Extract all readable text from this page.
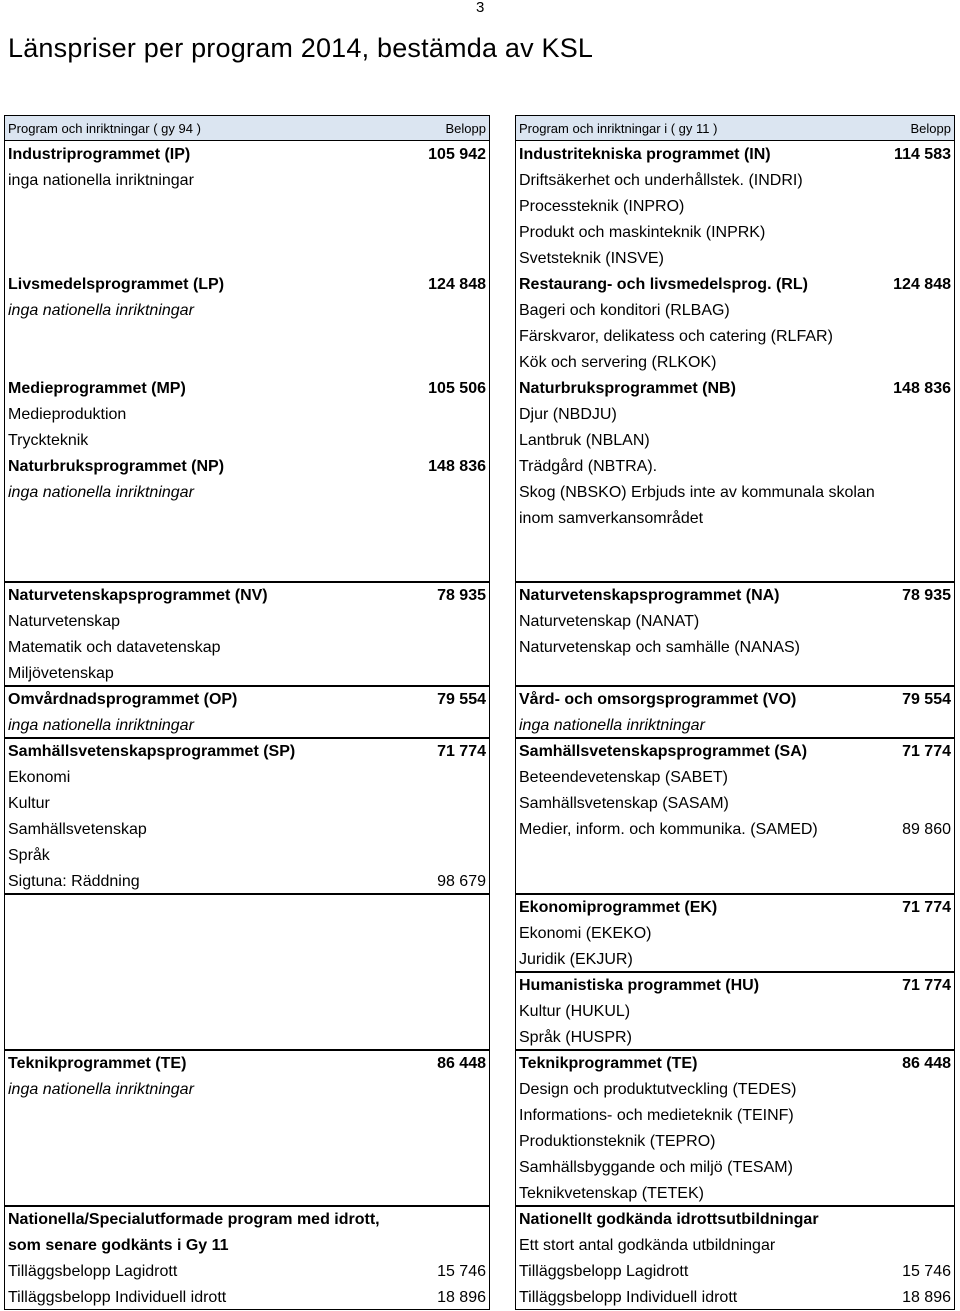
3
Länspriser per program 2014, bestämda av KSL
Program och inriktningar ( gy 94 )	Belopp
Industriprogrammet (IP)	105 942
inga nationella inriktningar
Livsmedelsprogrammet (LP)	124 848
inga nationella inriktningar
Medieprogrammet (MP)	105 506
Medieproduktion
Tryckteknik
Naturbruksprogrammet (NP)	148 836
inga nationella inriktningar
Naturvetenskapsprogrammet (NV)	78 935
Naturvetenskap
Matematik och datavetenskap
Miljövetenskap
Omvårdnadsprogrammet (OP)	79 554
inga nationella inriktningar
Samhällsvetenskapsprogrammet (SP)	71 774
Ekonomi
Kultur
Samhällsvetenskap
Språk
Sigtuna: Räddning	98 679
Teknikprogrammet (TE)	86 448
inga nationella inriktningar
Nationella/Specialutformade program med idrott,
som senare godkänts i Gy 11
Tilläggsbelopp Lagidrott	15 746
Tilläggsbelopp Individuell idrott	18 896
Program och inriktningar i ( gy 11 )	Belopp
Industritekniska programmet (IN)	114 583
Driftsäkerhet och underhållstek. (INDRI)
Processteknik (INPRO)
Produkt och maskinteknik (INPRK)
Svetsteknik (INSVE)
Restaurang- och livsmedelsprog. (RL)	124 848
Bageri och konditori (RLBAG)
Färskvaror, delikatess och catering (RLFAR)
Kök och servering (RLKOK)
Naturbruksprogrammet (NB)	148 836
Djur (NBDJU)
Lantbruk (NBLAN)
Trädgård (NBTRA).
Skog (NBSKO) Erbjuds inte av kommunala skolan
inom samverkansområdet
Naturvetenskapsprogrammet (NA)	78 935
Naturvetenskap (NANAT)
Naturvetenskap och samhälle (NANAS)
Vård- och omsorgsprogrammet (VO)	79 554
inga nationella inriktningar
Samhällsvetenskapsprogrammet (SA)	71 774
Beteendevetenskap (SABET)
Samhällsvetenskap (SASAM)
Medier, inform. och kommunika. (SAMED)	89 860
Ekonomiprogrammet (EK)	71 774
Ekonomi (EKEKO)
Juridik (EKJUR)
Humanistiska programmet (HU)	71 774
Kultur (HUKUL)
Språk (HUSPR)
Teknikprogrammet (TE)	86 448
Design och produktutveckling (TEDES)
Informations- och medieteknik (TEINF)
Produktionsteknik (TEPRO)
Samhällsbyggande och miljö (TESAM)
Teknikvetenskap (TETEK)
Nationellt godkända idrottsutbildningar
Ett stort antal godkända utbildningar
Tilläggsbelopp Lagidrott	15 746
Tilläggsbelopp Individuell idrott	18 896
